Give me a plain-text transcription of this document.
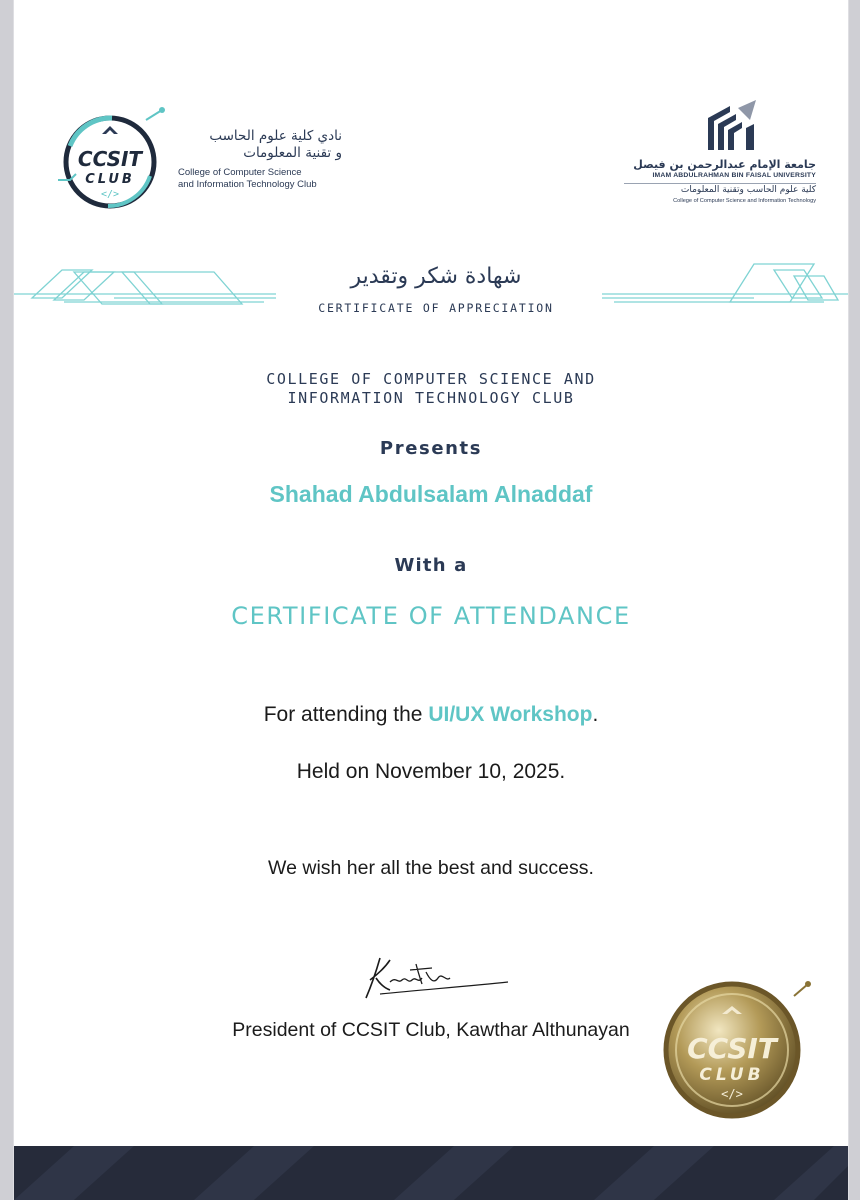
CCSIT
CLUB
</>
نادي كلية علوم الحاسب
و تقنية المعلومات
College of Computer Science
and Information Technology Club
جامعة الإمام عبدالرحمن بن فيصل
IMAM ABDULRAHMAN BIN FAISAL UNIVERSITY
كلية علوم الحاسب وتقنية المعلومات
College of Computer Science and Information Technology
شهادة شكر وتقدير
CERTIFICATE OF APPRECIATION
COLLEGE OF COMPUTER SCIENCE AND
INFORMATION TECHNOLOGY CLUB
Presents
Shahad Abdulsalam Alnaddaf
With a
CERTIFICATE OF ATTENDANCE
For attending the UI/UX Workshop.
Held on November 10, 2025.
We wish her all the best and success.
President of CCSIT Club, Kawthar Althunayan
CCSIT
CLUB
</>
